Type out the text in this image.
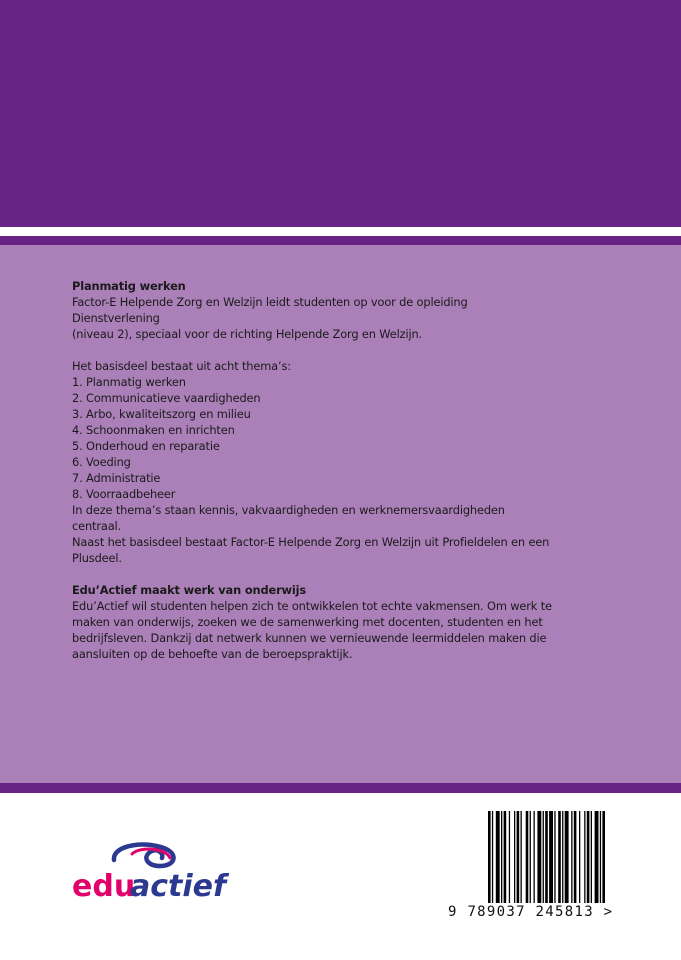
Planmatig werken

Factor-E Helpende Zorg en Welzijn leidt studenten op voor de opleiding Dienstverlening

(niveau 2), speciaal voor de richting Helpende Zorg en Welzijn.

Het basisdeel bestaat uit acht thema’s:

1. Planmatig werken
2. Communicatieve vaardigheden
3. Arbo, kwaliteitszorg en milieu
4. Schoonmaken en inrichten
5. Onderhoud en reparatie
6. Voeding
7. Administratie
8. Voorraadbeheer

In deze thema’s staan kennis, vakvaardigheden en werknemersvaardigheden centraal.

Naast het basisdeel bestaat Factor-E Helpende Zorg en Welzijn uit Profieldelen en een

Plusdeel.

Edu’Actief maakt werk van onderwijs

Edu’Actief wil studenten helpen zich te ontwikkelen tot echte vakmensen. Om werk te

maken van onderwijs, zoeken we de samenwerking met docenten, studenten en het

bedrijfsleven. Dankzij dat netwerk kunnen we vernieuwende leermiddelen maken die

aansluiten op de behoefte van de beroepspraktijk.

edu
actief
9 789037 245813 >
